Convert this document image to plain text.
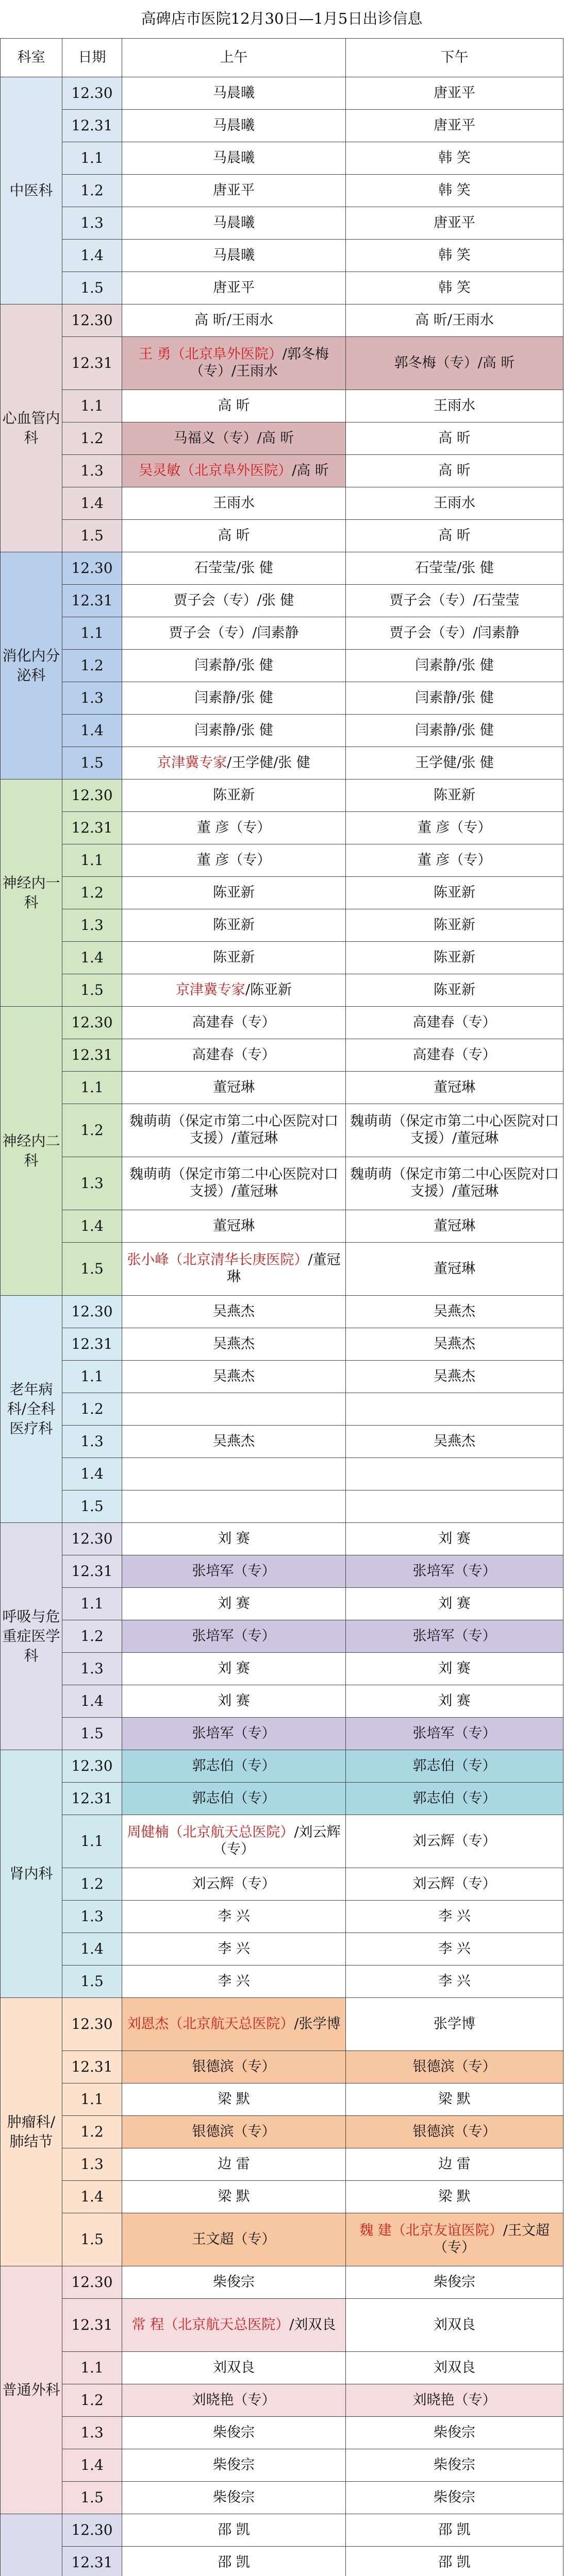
高碑店市医院12月30日—1月5日出诊信息			
科室	日期	上午	下午
中医科	12.30	马晨曦	唐亚平
	12.31	马晨曦	唐亚平
	1.1	马晨曦	韩 笑
	1.2	唐亚平	韩 笑
	1.3	马晨曦	唐亚平
	1.4	马晨曦	韩 笑
	1.5	唐亚平	韩 笑
心血管内科	12.30	高 昕/王雨水	高 昕/王雨水
	12.31	王 勇（北京阜外医院）/郭冬梅（专）/王雨水	郭冬梅（专）/高 昕
	1.1	高 昕	王雨水
	1.2	马福义（专）/高 昕	高 昕
	1.3	吴灵敏（北京阜外医院）/高 昕	高 昕
	1.4	王雨水	王雨水
	1.5	高 昕	高 昕
消化内分泌科	12.30	石莹莹/张 健	石莹莹/张 健
	12.31	贾子会（专）/张 健	贾子会（专）/石莹莹
	1.1	贾子会（专）/闫素静	贾子会（专）/闫素静
	1.2	闫素静/张 健	闫素静/张 健
	1.3	闫素静/张 健	闫素静/张 健
	1.4	闫素静/张 健	闫素静/张 健
	1.5	京津冀专家/王学健/张 健	王学健/张 健
神经内一科	12.30	陈亚新	陈亚新
	12.31	董 彦（专）	董 彦（专）
	1.1	董 彦（专）	董 彦（专）
	1.2	陈亚新	陈亚新
	1.3	陈亚新	陈亚新
	1.4	陈亚新	陈亚新
	1.5	京津冀专家/陈亚新	陈亚新
神经内二科	12.30	高建春（专）	高建春（专）
	12.31	高建春（专）	高建春（专）
	1.1	董冠琳	董冠琳
	1.2	魏萌萌（保定市第二中心医院对口支援）/董冠琳	魏萌萌（保定市第二中心医院对口支援）/董冠琳
	1.3	魏萌萌（保定市第二中心医院对口支援）/董冠琳	魏萌萌（保定市第二中心医院对口支援）/董冠琳
	1.4	董冠琳	董冠琳
	1.5	张小峰（北京清华长庚医院）/董冠琳	董冠琳
老年病科/全科医疗科	12.30	吴燕杰	吴燕杰
	12.31	吴燕杰	吴燕杰
	1.1	吴燕杰	吴燕杰
	1.2		
	1.3	吴燕杰	吴燕杰
	1.4		
	1.5		
呼吸与危重症医学科	12.30	刘 赛	刘 赛
	12.31	张培军（专）	张培军（专）
	1.1	刘 赛	刘 赛
	1.2	张培军（专）	张培军（专）
	1.3	刘 赛	刘 赛
	1.4	刘 赛	刘 赛
	1.5	张培军（专）	张培军（专）
肾内科	12.30	郭志伯（专）	郭志伯（专）
	12.31	郭志伯（专）	郭志伯（专）
	1.1	周健楠（北京航天总医院）/刘云辉（专）	刘云辉（专）
	1.2	刘云辉（专）	刘云辉（专）
	1.3	李 兴	李 兴
	1.4	李 兴	李 兴
	1.5	李 兴	李 兴
肿瘤科/肺结节	12.30	刘恩杰（北京航天总医院）/张学博	张学博
	12.31	银德滨（专）	银德滨（专）
	1.1	梁 默	梁 默
	1.2	银德滨（专）	银德滨（专）
	1.3	边 雷	边 雷
	1.4	梁 默	梁 默
	1.5	王文超（专）	魏 建（北京友谊医院）/王文超（专）
普通外科	12.30	柴俊宗	柴俊宗
	12.31	常 程（北京航天总医院）/刘双良	刘双良
	1.1	刘双良	刘双良
	1.2	刘晓艳（专）	刘晓艳（专）
	1.3	柴俊宗	柴俊宗
	1.4	柴俊宗	柴俊宗
	1.5	柴俊宗	柴俊宗
	12.30	邵 凯	邵 凯
	12.31	邵 凯	邵 凯
